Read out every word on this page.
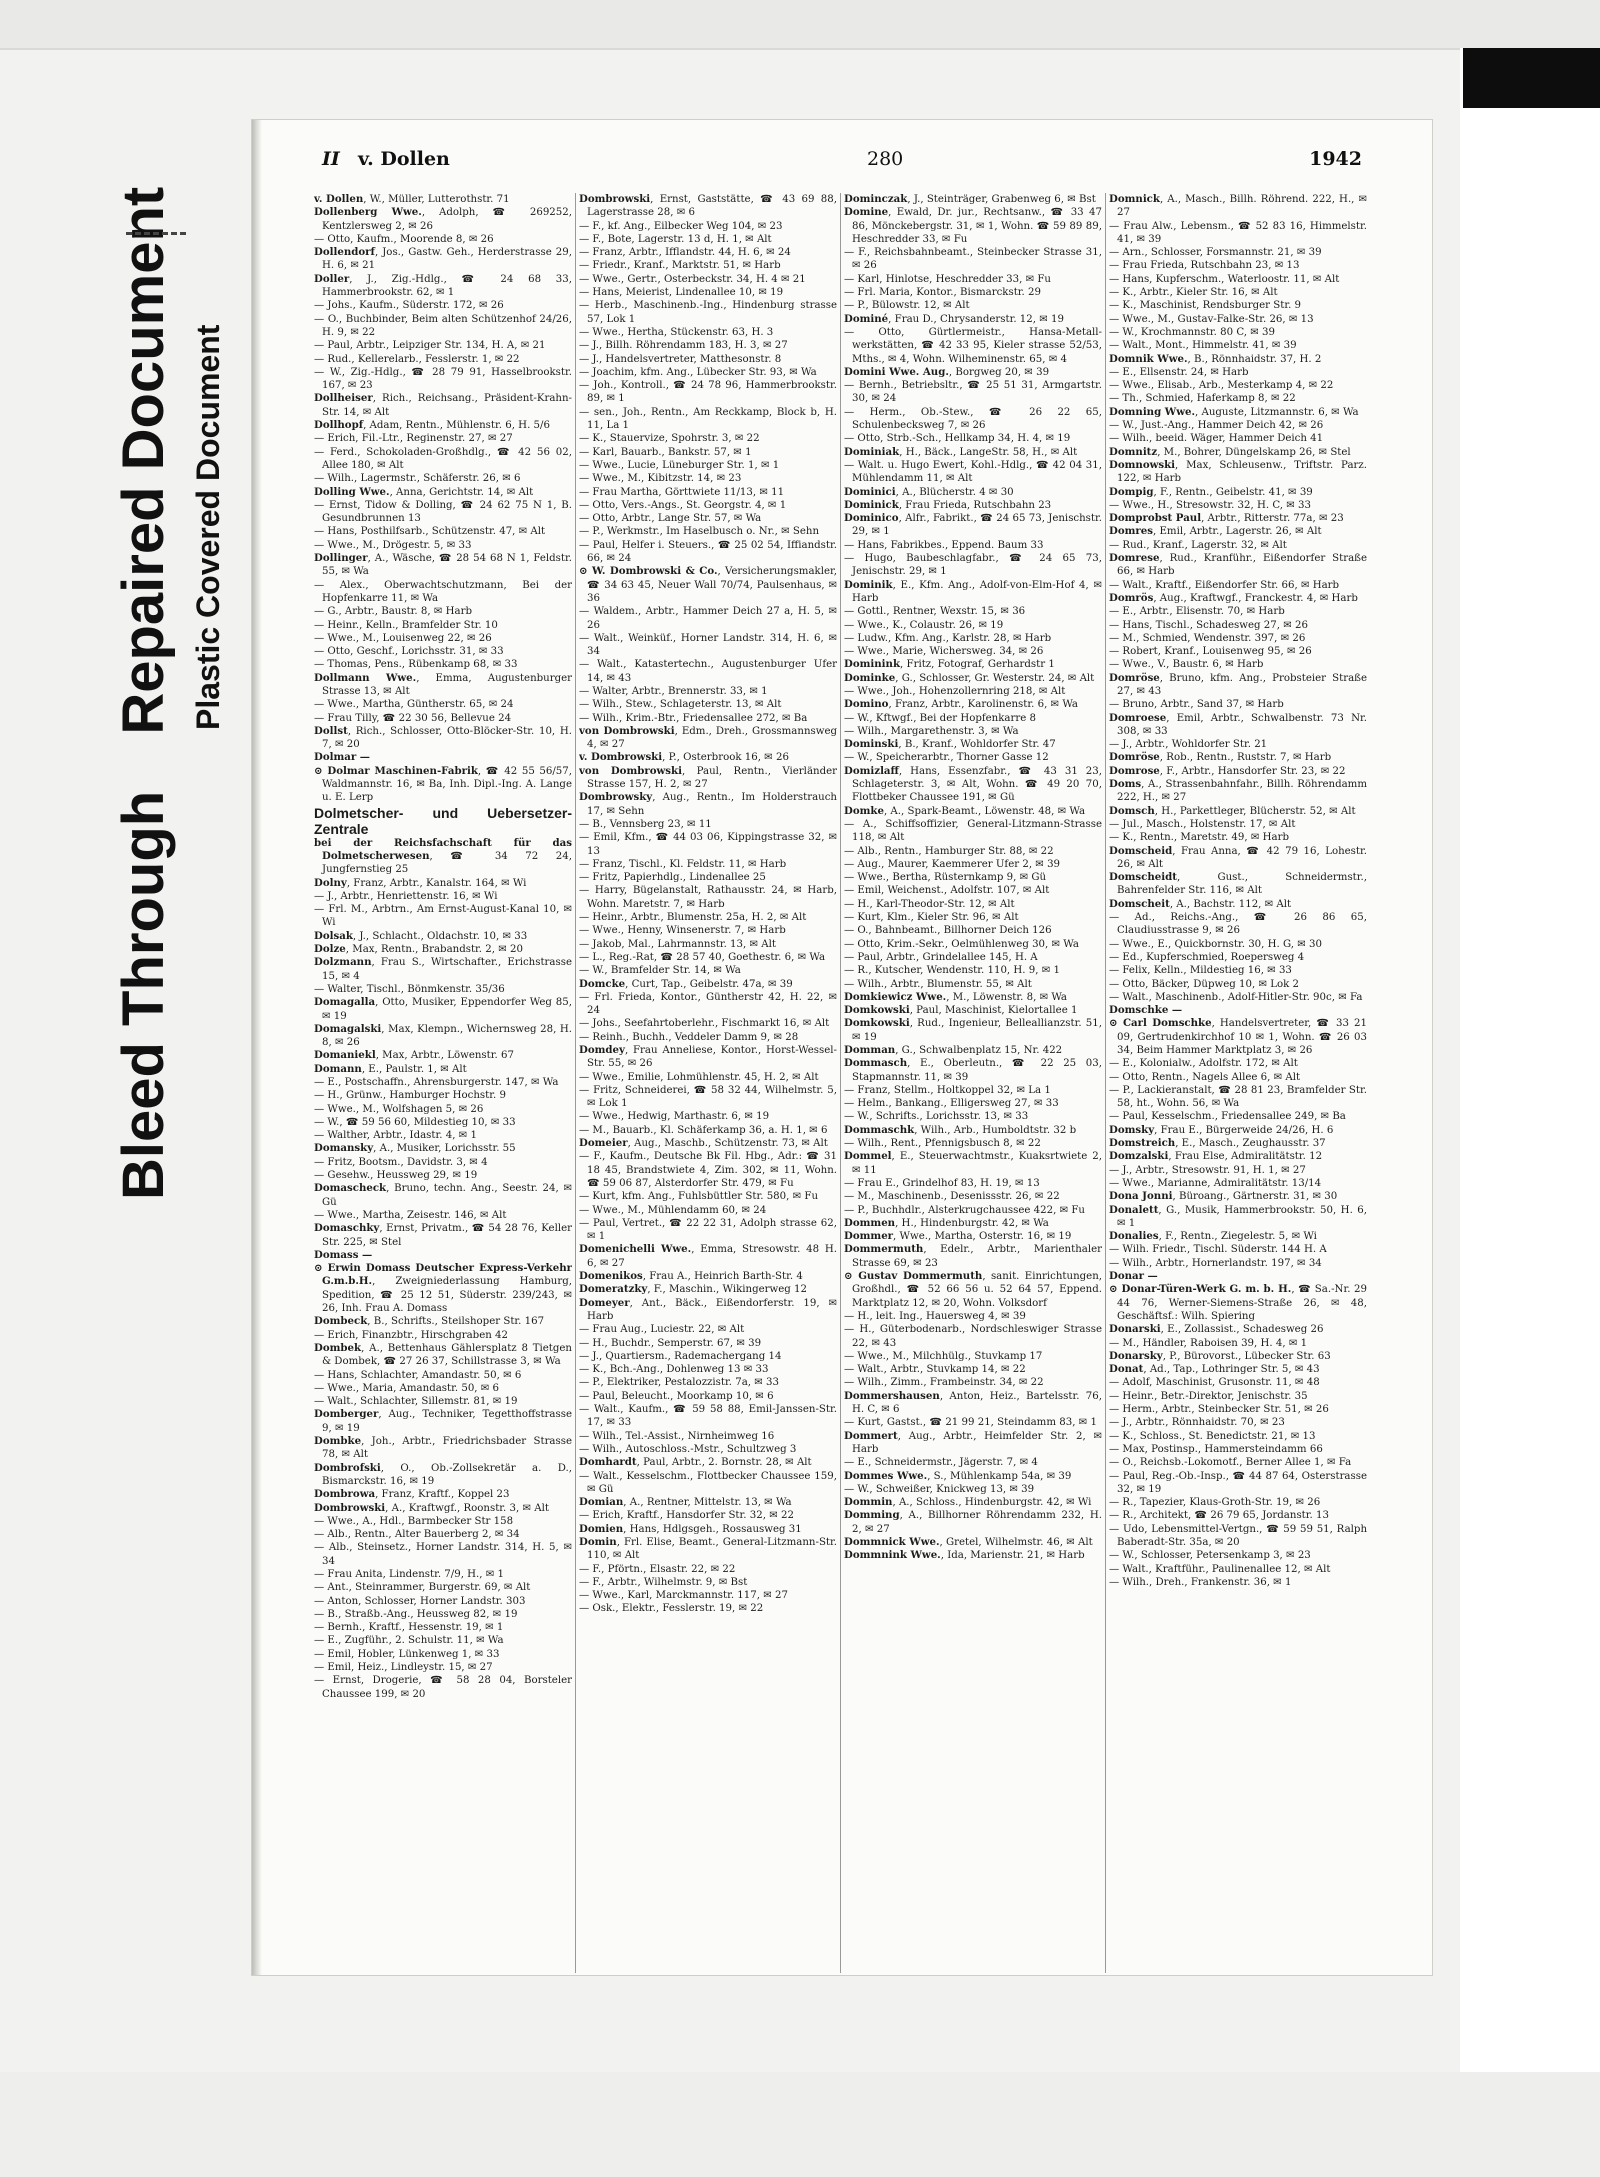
Bleed Through Repaired Document Plastic Covered Document
II v. Dollen	280	1942

v. Dollen, W., Müller, Lutterothstr. 71

Dollenberg Wwe., Adolph, ☎ 269252, Kentzlersweg 2, ✉ 26

— Otto, Kaufm., Moorende 8, ✉ 26

Dollendorf, Jos., Gastw. Geh., Herderstrasse 29, H. 6, ✉ 21

Doller, J., Zig.-Hdlg., ☎ 24 68 33, Hammerbrookstr. 62, ✉ 1

— Johs., Kaufm., Süderstr. 172, ✉ 26

— O., Buchbinder, Beim alten Schützenhof 24/26, H. 9, ✉ 22

— Paul, Arbtr., Leipziger Str. 134, H. A, ✉ 21

— Rud., Kellerelarb., Fesslerstr. 1, ✉ 22

— W., Zig.-Hdlg., ☎ 28 79 91, Hasselbrookstr. 167, ✉ 23

Dollheiser, Rich., Reichsang., Präsident-Krahn-Str. 14, ✉ Alt

Dollhopf, Adam, Rentn., Mühlenstr. 6, H. 5/6

— Erich, Fil.-Ltr., Reginenstr. 27, ✉ 27

— Ferd., Schokoladen-Großhdlg., ☎ 42 56 02, Allee 180, ✉ Alt

— Wilh., Lagermstr., Schäferstr. 26, ✉ 6

Dolling Wwe., Anna, Gerichtstr. 14, ✉ Alt

— Ernst, Tidow & Dolling, ☎ 24 62 75 N 1, B. Gesundbrunnen 13

— Hans, Posthilfsarb., Schützenstr. 47, ✉ Alt

— Wwe., M., Drögestr. 5, ✉ 33

Dollinger, A., Wäsche, ☎ 28 54 68 N 1, Feldstr. 55, ✉ Wa

— Alex., Oberwachtschutzmann, Bei der Hopfenkarre 11, ✉ Wa

— G., Arbtr., Baustr. 8, ✉ Harb

— Heinr., Kelln., Bramfelder Str. 10

— Wwe., M., Louisenweg 22, ✉ 26

— Otto, Geschf., Lorichsstr. 31, ✉ 33

— Thomas, Pens., Rübenkamp 68, ✉ 33

Dollmann Wwe., Emma, Augustenburger Strasse 13, ✉ Alt

— Wwe., Martha, Güntherstr. 65, ✉ 24

— Frau Tilly, ☎ 22 30 56, Bellevue 24

Dollst, Rich., Schlosser, Otto-Blöcker-Str. 10, H. 7, ✉ 20

Dolmar —

⊙ Dolmar Maschinen-Fabrik, ☎ 42 55 56/57, Waldmannstr. 16, ✉ Ba, Inh. Dipl.-Ing. A. Lange u. E. Lerp

Dolmetscher- und Uebersetzer-Zentrale

bei der Reichsfachschaft für das Dolmetscherwesen, ☎ 34 72 24, Jungfernstieg 25

Dolny, Franz, Arbtr., Kanalstr. 164, ✉ Wi

— J., Arbtr., Henriettenstr. 16, ✉ Wi

— Frl. M., Arbtrn., Am Ernst-August-Kanal 10, ✉ Wi

Dolsak, J., Schlacht., Oldachstr. 10, ✉ 33

Dolze, Max, Rentn., Brabandstr. 2, ✉ 20

Dolzmann, Frau S., Wirtschafter., Erichstrasse 15, ✉ 4

— Walter, Tischl., Bönmkenstr. 35/36

Domagalla, Otto, Musiker, Eppendorfer Weg 85, ✉ 19

Domagalski, Max, Klempn., Wichernsweg 28, H. 8, ✉ 26

Domaniekl, Max, Arbtr., Löwenstr. 67

Domann, E., Paulstr. 1, ✉ Alt

— E., Postschaffn., Ahrensburgerstr. 147, ✉ Wa

— H., Grünw., Hamburger Hochstr. 9

— Wwe., M., Wolfshagen 5, ✉ 26

— W., ☎ 59 56 60, Mildestieg 10, ✉ 33

— Walther, Arbtr., Idastr. 4, ✉ 1

Domansky, A., Musiker, Lorichsstr. 55

— Fritz, Bootsm., Davidstr. 3, ✉ 4

— Gesehw., Heussweg 29, ✉ 19

Domascheck, Bruno, techn. Ang., Seestr. 24, ✉ Gü

— Wwe., Martha, Zeisestr. 146, ✉ Alt

Domaschky, Ernst, Privatm., ☎ 54 28 76, Keller Str. 225, ✉ Stel

Domass —

⊙ Erwin Domass Deutscher Express-Verkehr G.m.b.H., Zweigniederlassung Hamburg, Spedition, ☎ 25 12 51, Süderstr. 239/243, ✉ 26, Inh. Frau A. Domass

Dombeck, B., Schrifts., Steilshoper Str. 167

— Erich, Finanzbtr., Hirschgraben 42

Dombek, A., Bettenhaus Gählersplatz 8 Tietgen & Dombek, ☎ 27 26 37, Schillstrasse 3, ✉ Wa

— Hans, Schlachter, Amandastr. 50, ✉ 6

— Wwe., Maria, Amandastr. 50, ✉ 6

— Walt., Schlachter, Sillemstr. 81, ✉ 19

Domberger, Aug., Techniker, Tegetthoffstrasse 9, ✉ 19

Dombke, Joh., Arbtr., Friedrichsbader Strasse 78, ✉ Alt

Dombrofski, O., Ob.-Zollsekretär a. D., Bismarckstr. 16, ✉ 19

Dombrowa, Franz, Kraftf., Koppel 23

Dombrowski, A., Kraftwgf., Roonstr. 3, ✉ Alt

— Wwe., A., Hdl., Barmbecker Str 158

— Alb., Rentn., Alter Bauerberg 2, ✉ 34

— Alb., Steinsetz., Horner Landstr. 314, H. 5, ✉ 34

— Frau Anita, Lindenstr. 7/9, H., ✉ 1

— Ant., Steinrammer, Burgerstr. 69, ✉ Alt

— Anton, Schlosser, Horner Landstr. 303

— B., Straßb.-Ang., Heussweg 82, ✉ 19

— Bernh., Kraftf., Hessenstr. 19, ✉ 1

— E., Zugführ., 2. Schulstr. 11, ✉ Wa

— Emil, Hobler, Lünkenweg 1, ✉ 33

— Emil, Heiz., Lindleystr. 15, ✉ 27

— Ernst, Drogerie, ☎ 58 28 04, Borsteler Chaussee 199, ✉ 20

Dombrowski, Ernst, Gaststätte, ☎ 43 69 88, Lagerstrasse 28, ✉ 6

— F., kf. Ang., Eilbecker Weg 104, ✉ 23

— F., Bote, Lagerstr. 13 d, H. 1, ✉ Alt

— Franz, Arbtr., Ifflandstr. 44, H. 6, ✉ 24

— Friedr., Kranf., Marktstr. 51, ✉ Harb

— Wwe., Gertr., Osterbeckstr. 34, H. 4 ✉ 21

— Hans, Meierist, Lindenallee 10, ✉ 19

— Herb., Maschinenb.-Ing., Hindenburg strasse 57, Lok 1

— Wwe., Hertha, Stückenstr. 63, H. 3

— J., Billh. Röhrendamm 183, H. 3, ✉ 27

— J., Handelsvertreter, Matthesonstr. 8

— Joachim, kfm. Ang., Lübecker Str. 93, ✉ Wa

— Joh., Kontroll., ☎ 24 78 96, Hammerbrookstr. 89, ✉ 1

— sen., Joh., Rentn., Am Reckkamp, Block b, H. 11, La 1

— K., Stauervize, Spohrstr. 3, ✉ 22

— Karl, Bauarb., Bankstr. 57, ✉ 1

— Wwe., Lucie, Lüneburger Str. 1, ✉ 1

— Wwe., M., Kibitzstr. 14, ✉ 23

— Frau Martha, Görttwiete 11/13, ✉ 11

— Otto, Vers.-Angs., St. Georgstr. 4, ✉ 1

— Otto, Arbtr., Lange Str. 57, ✉ Wa

— P., Werkmstr., Im Haselbusch o. Nr., ✉ Sehn

— Paul, Helfer i. Steuers., ☎ 25 02 54, Iffiandstr. 66, ✉ 24

⊙ W. Dombrowski & Co., Versicherungsmakler, ☎ 34 63 45, Neuer Wall 70/74, Paulsenhaus, ✉ 36

— Waldem., Arbtr., Hammer Deich 27 a, H. 5, ✉ 26

— Walt., Weinküf., Horner Landstr. 314, H. 6, ✉ 34

— Walt., Katastertechn., Augustenburger Ufer 14, ✉ 43

— Walter, Arbtr., Brennerstr. 33, ✉ 1

— Wilh., Stew., Schlageterstr. 13, ✉ Alt

— Wilh., Krim.-Btr., Friedensallee 272, ✉ Ba

von Dombrowski, Edm., Dreh., Grossmannsweg 4, ✉ 27

v. Dombrowski, P., Osterbrook 16, ✉ 26

von Dombrowski, Paul, Rentn., Vierländer Strasse 157, H. 2, ✉ 27

Dombrowsky, Aug., Rentn., Im Holderstrauch 17, ✉ Sehn

— B., Vennsberg 23, ✉ 11

— Emil, Kfm., ☎ 44 03 06, Kippingstrasse 32, ✉ 13

— Franz, Tischl., Kl. Feldstr. 11, ✉ Harb

— Fritz, Papierhdlg., Lindenallee 25

— Harry, Bügelanstalt, Rathausstr. 24, ✉ Harb, Wohn. Maretstr. 7, ✉ Harb

— Heinr., Arbtr., Blumenstr. 25a, H. 2, ✉ Alt

— Wwe., Henny, Winsenerstr. 7, ✉ Harb

— Jakob, Mal., Lahrmannstr. 13, ✉ Alt

— L., Reg.-Rat, ☎ 28 57 40, Goethestr. 6, ✉ Wa

— W., Bramfelder Str. 14, ✉ Wa

Domcke, Curt, Tap., Geibelstr. 47a, ✉ 39

— Frl. Frieda, Kontor., Güntherstr 42, H. 22, ✉ 24

— Johs., Seefahrtoberlehr., Fischmarkt 16, ✉ Alt

— Reinh., Buchh., Veddeler Damm 9, ✉ 28

Domdey, Frau Anneliese, Kontor., Horst-Wessel-Str. 55, ✉ 26

— Wwe., Emilie, Lohmühlenstr. 45, H. 2, ✉ Alt

— Fritz, Schneiderei, ☎ 58 32 44, Wilhelmstr. 5, ✉ Lok 1

— Wwe., Hedwig, Marthastr. 6, ✉ 19

— M., Bauarb., Kl. Schäferkamp 36, a. H. 1, ✉ 6

Domeier, Aug., Maschb., Schützenstr. 73, ✉ Alt

— F., Kaufm., Deutsche Bk Fil. Hbg., Adr.: ☎ 31 18 45, Brandstwiete 4, Zim. 302, ✉ 11, Wohn. ☎ 59 06 87, Alsterdorfer Str. 479, ✉ Fu

— Kurt, kfm. Ang., Fuhlsbüttler Str. 580, ✉ Fu

— Wwe., M., Mühlendamm 60, ✉ 24

— Paul, Vertret., ☎ 22 22 31, Adolph strasse 62, ✉ 1

Domenichelli Wwe., Emma, Stresowstr. 48 H. 6, ✉ 27

Domenikos, Frau A., Heinrich Barth-Str. 4

Domeratzky, F., Maschin., Wikingerweg 12

Domeyer, Ant., Bäck., Eißendorferstr. 19, ✉ Harb

— Frau Aug., Luciestr. 22, ✉ Alt

— H., Buchdr., Semperstr. 67, ✉ 39

— J., Quartiersm., Rademachergang 14

— K., Bch.-Ang., Dohlenweg 13 ✉ 33

— P., Elektriker, Pestalozzistr. 7a, ✉ 33

— Paul, Beleucht., Moorkamp 10, ✉ 6

— Walt., Kaufm., ☎ 59 58 88, Emil-Janssen-Str. 17, ✉ 33

— Wilh., Tel.-Assist., Nirnheimweg 16

— Wilh., Autoschloss.-Mstr., Schultzweg 3

Domhardt, Paul, Arbtr., 2. Bornstr. 28, ✉ Alt

— Walt., Kesselschm., Flottbecker Chaussee 159, ✉ Gü

Domian, A., Rentner, Mittelstr. 13, ✉ Wa

— Erich, Kraftf., Hansdorfer Str. 32, ✉ 22

Domien, Hans, Hdlgsgeh., Rossausweg 31

Domin, Frl. Elise, Beamt., General-Litzmann-Str. 110, ✉ Alt

— F., Pförtn., Elsastr. 22, ✉ 22

— F., Arbtr., Wilhelmstr. 9, ✉ Bst

— Wwe., Karl, Marckmannstr. 117, ✉ 27

— Osk., Elektr., Fesslerstr. 19, ✉ 22

Dominczak, J., Steinträger, Grabenweg 6, ✉ Bst

Domine, Ewald, Dr. jur., Rechtsanw., ☎ 33 47 86, Mönckebergstr. 31, ✉ 1, Wohn. ☎ 59 89 89, Heschredder 33, ✉ Fu

— F., Reichsbahnbeamt., Steinbecker Strasse 31, ✉ 26

— Karl, Hinlotse, Heschredder 33, ✉ Fu

— Frl. Maria, Kontor., Bismarckstr. 29

— P., Bülowstr. 12, ✉ Alt

Dominé, Frau D., Chrysanderstr. 12, ✉ 19

— Otto, Gürtlermeistr., Hansa-Metall-werkstätten, ☎ 42 33 95, Kieler strasse 52/53, Mths., ✉ 4, Wohn. Wilheminenstr. 65, ✉ 4

Domini Wwe. Aug., Borgweg 20, ✉ 39

— Bernh., Betriebsltr., ☎ 25 51 31, Armgartstr. 30, ✉ 24

— Herm., Ob.-Stew., ☎ 26 22 65, Schulenbecksweg 7, ✉ 26

— Otto, Strb.-Sch., Hellkamp 34, H. 4, ✉ 19

Dominiak, H., Bäck., LangeStr. 58, H., ✉ Alt

— Walt. u. Hugo Ewert, Kohl.-Hdlg., ☎ 42 04 31, Mühlendamm 11, ✉ Alt

Dominici, A., Blücherstr. 4 ✉ 30

Dominick, Frau Frieda, Rutschbahn 23

Dominico, Alfr., Fabrikt., ☎ 24 65 73, Jenischstr. 29, ✉ 1

— Hans, Fabrikbes., Eppend. Baum 33

— Hugo, Baubeschlagfabr., ☎ 24 65 73, Jenischstr. 29, ✉ 1

Dominik, E., Kfm. Ang., Adolf-von-Elm-Hof 4, ✉ Harb

— Gottl., Rentner, Wexstr. 15, ✉ 36

— Wwe., K., Colaustr. 26, ✉ 19

— Ludw., Kfm. Ang., Karlstr. 28, ✉ Harb

— Wwe., Marie, Wichersweg. 34, ✉ 26

Dominink, Fritz, Fotograf, Gerhardstr 1

Dominke, G., Schlosser, Gr. Westerstr. 24, ✉ Alt

— Wwe., Joh., Hohenzollernring 218, ✉ Alt

Domino, Franz, Arbtr., Karolinenstr. 6, ✉ Wa

— W., Kftwgf., Bei der Hopfenkarre 8

— Wilh., Margarethenstr. 3, ✉ Wa

Dominski, B., Kranf., Wohldorfer Str. 47

— W., Speicherarbtr., Thorner Gasse 12

Domizlaff, Hans, Essenzfabr., ☎ 43 31 23, Schlageterstr. 3, ✉ Alt, Wohn. ☎ 49 20 70, Flottbeker Chaussee 191, ✉ Gü

Domke, A., Spark-Beamt., Löwenstr. 48, ✉ Wa

— A., Schiffsoffizier, General-Litzmann-Strasse 118, ✉ Alt

— Alb., Rentn., Hamburger Str. 88, ✉ 22

— Aug., Maurer, Kaemmerer Ufer 2, ✉ 39

— Wwe., Bertha, Rüsternkamp 9, ✉ Gü

— Emil, Weichenst., Adolfstr. 107, ✉ Alt

— H., Karl-Theodor-Str. 12, ✉ Alt

— Kurt, Klm., Kieler Str. 96, ✉ Alt

— O., Bahnbeamt., Billhorner Deich 126

— Otto, Krim.-Sekr., Oelmühlenweg 30, ✉ Wa

— Paul, Arbtr., Grindelallee 145, H. A

— R., Kutscher, Wendenstr. 110, H. 9, ✉ 1

— Wilh., Arbtr., Blumenstr. 55, ✉ Alt

Domkiewicz Wwe., M., Löwenstr. 8, ✉ Wa

Domkowski, Paul, Maschinist, Kielortallee 1

Domkowski, Rud., Ingenieur, Belleallianzstr. 51, ✉ 19

Domman, G., Schwalbenplatz 15, Nr. 422

Dommasch, E., Oberleutn., ☎ 22 25 03, Stapmannstr. 11, ✉ 39

— Franz, Stellm., Holtkoppel 32, ✉ La 1

— Helm., Bankang., Elligersweg 27, ✉ 33

— W., Schrifts., Lorichsstr. 13, ✉ 33

Dommaschk, Wilh., Arb., Humboldtstr. 32 b

— Wilh., Rent., Pfennigsbusch 8, ✉ 22

Dommel, E., Steuerwachtmstr., Kuaksrtwiete 2, ✉ 11

— Frau E., Grindelhof 83, H. 19, ✉ 13

— M., Maschinenb., Desenissstr. 26, ✉ 22

— P., Buchhdlr., Alsterkrugchaussee 422, ✉ Fu

Dommen, H., Hindenburgstr. 42, ✉ Wa

Dommer, Wwe., Martha, Osterstr. 16, ✉ 19

Dommermuth, Edelr., Arbtr., Marienthaler Strasse 69, ✉ 23

⊙ Gustav Dommermuth, sanit. Einrichtungen, Großhdl., ☎ 52 66 56 u. 52 64 57, Eppend. Marktplatz 12, ✉ 20, Wohn. Volksdorf

— H., leit. Ing., Hauersweg 4, ✉ 39

— H., Güterbodenarb., Nordschleswiger Strasse 22, ✉ 43

— Wwe., M., Milchhülg., Stuvkamp 17

— Walt., Arbtr., Stuvkamp 14, ✉ 22

— Wilh., Zimm., Frambeinstr. 34, ✉ 22

Dommershausen, Anton, Heiz., Bartelsstr. 76, H. C, ✉ 6

— Kurt, Gastst., ☎ 21 99 21, Steindamm 83, ✉ 1

Dommert, Aug., Arbtr., Heimfelder Str. 2, ✉ Harb

— E., Schneidermstr., Jägerstr. 7, ✉ 4

Dommes Wwe., S., Mühlenkamp 54a, ✉ 39

— W., Schweißer, Knickweg 13, ✉ 39

Dommin, A., Schloss., Hindenburgstr. 42, ✉ Wi

Domming, A., Billhorner Röhrendamm 232, H. 2, ✉ 27

Dommnick Wwe., Gretel, Wilhelmstr. 46, ✉ Alt

Dommnink Wwe., Ida, Marienstr. 21, ✉ Harb

Domnick, A., Masch., Billh. Röhrend. 222, H., ✉ 27

— Frau Alw., Lebensm., ☎ 52 83 16, Himmelstr. 41, ✉ 39

— Arn., Schlosser, Forsmannstr. 21, ✉ 39

— Frau Frieda, Rutschbahn 23, ✉ 13

— Hans, Kupferschm., Waterloostr. 11, ✉ Alt

— K., Arbtr., Kieler Str. 16, ✉ Alt

— K., Maschinist, Rendsburger Str. 9

— Wwe., M., Gustav-Falke-Str. 26, ✉ 13

— W., Krochmannstr. 80 C, ✉ 39

— Walt., Mont., Himmelstr. 41, ✉ 39

Domnik Wwe., B., Rönnhaidstr. 37, H. 2

— E., Ellsenstr. 24, ✉ Harb

— Wwe., Elisab., Arb., Mesterkamp 4, ✉ 22

— Th., Schmied, Haferkamp 8, ✉ 22

Domning Wwe., Auguste, Litzmannstr. 6, ✉ Wa

— W., Just.-Ang., Hammer Deich 42, ✉ 26

— Wilh., beeid. Wäger, Hammer Deich 41

Domnitz, M., Bohrer, Düngelskamp 26, ✉ Stel

Domnowski, Max, Schleusenw., Triftstr. Parz. 122, ✉ Harb

Dompig, F., Rentn., Geibelstr. 41, ✉ 39

— Wwe., H., Stresowstr. 32, H. C, ✉ 33

Domprobst Paul, Arbtr., Ritterstr. 77a, ✉ 23

Domres, Emil, Arbtr., Lagerstr. 26, ✉ Alt

— Rud., Kranf., Lagerstr. 32, ✉ Alt

Domrese, Rud., Kranführ., Eißendorfer Straße 66, ✉ Harb

— Walt., Kraftf., Eißendorfer Str. 66, ✉ Harb

Domrös, Aug., Kraftwgf., Franckestr. 4, ✉ Harb

— E., Arbtr., Elisenstr. 70, ✉ Harb

— Hans, Tischl., Schadesweg 27, ✉ 26

— M., Schmied, Wendenstr. 397, ✉ 26

— Robert, Kranf., Louisenweg 95, ✉ 26

— Wwe., V., Baustr. 6, ✉ Harb

Domröse, Bruno, kfm. Ang., Probsteier Straße 27, ✉ 43

— Bruno, Arbtr., Sand 37, ✉ Harb

Domroese, Emil, Arbtr., Schwalbenstr. 73 Nr. 308, ✉ 33

— J., Arbtr., Wohldorfer Str. 21

Domröse, Rob., Rentn., Ruststr. 7, ✉ Harb

Domrose, F., Arbtr., Hansdorfer Str. 23, ✉ 22

Doms, A., Strassenbahnfahr., Billh. Röhrendamm 222, H., ✉ 27

Domsch, H., Parkettleger, Blücherstr. 52, ✉ Alt

— Jul., Masch., Holstenstr. 17, ✉ Alt

— K., Rentn., Maretstr. 49, ✉ Harb

Domscheid, Frau Anna, ☎ 42 79 16, Lohestr. 26, ✉ Alt

Domscheidt, Gust., Schneidermstr., Bahrenfelder Str. 116, ✉ Alt

Domscheit, A., Bachstr. 112, ✉ Alt

— Ad., Reichs.-Ang., ☎ 26 86 65, Claudiusstrasse 9, ✉ 26

— Wwe., E., Quickbornstr. 30, H. G, ✉ 30

— Ed., Kupferschmied, Roepersweg 4

— Felix, Kelln., Mildestieg 16, ✉ 33

— Otto, Bäcker, Düpweg 10, ✉ Lok 2

— Walt., Maschinenb., Adolf-Hitler-Str. 90c, ✉ Fa

Domschke —

⊙ Carl Domschke, Handelsvertreter, ☎ 33 21 09, Gertrudenkirchhof 10 ✉ 1, Wohn. ☎ 26 03 34, Beim Hammer Marktplatz 3, ✉ 26

— E., Kolonialw., Adolfstr. 172, ✉ Alt

— Otto, Rentn., Nagels Allee 6, ✉ Alt

— P., Lackieranstalt, ☎ 28 81 23, Bramfelder Str. 58, ht., Wohn. 56, ✉ Wa

— Paul, Kesselschm., Friedensallee 249, ✉ Ba

Domsky, Frau E., Bürgerweide 24/26, H. 6

Domstreich, E., Masch., Zeughausstr. 37

Domzalski, Frau Else, Admiralitätstr. 12

— J., Arbtr., Stresowstr. 91, H. 1, ✉ 27

— Wwe., Marianne, Admiralitätstr. 13/14

Dona Jonni, Büroang., Gärtnerstr. 31, ✉ 30

Donalett, G., Musik, Hammerbrookstr. 50, H. 6, ✉ 1

Donalies, F., Rentn., Ziegelestr. 5, ✉ Wi

— Wilh. Friedr., Tischl. Süderstr. 144 H. A

— Wilh., Arbtr., Hornerlandstr. 197, ✉ 34

Donar —

⊙ Donar-Türen-Werk G. m. b. H., ☎ Sa.-Nr. 29 44 76, Werner-Siemens-Straße 26, ✉ 48, Geschäftsf.: Wilh. Spiering

Donarski, E., Zollassist., Schadesweg 26

— M., Händler, Raboisen 39, H. 4, ✉ 1

Donarsky, P., Bürovorst., Lübecker Str. 63

Donat, Ad., Tap., Lothringer Str. 5, ✉ 43

— Adolf, Maschinist, Grusonstr. 11, ✉ 48

— Heinr., Betr.-Direktor, Jenischstr. 35

— Herm., Arbtr., Steinbecker Str. 51, ✉ 26

— J., Arbtr., Rönnhaidstr. 70, ✉ 23

— K., Schloss., St. Benedictstr. 21, ✉ 13

— Max, Postinsp., Hammersteindamm 66

— O., Reichsb.-Lokomotf., Berner Allee 1, ✉ Fa

— Paul, Reg.-Ob.-Insp., ☎ 44 87 64, Osterstrasse 32, ✉ 19

— R., Tapezier, Klaus-Groth-Str. 19, ✉ 26

— R., Architekt, ☎ 26 79 65, Jordanstr. 13

— Udo, Lebensmittel-Vertgn., ☎ 59 59 51, Ralph Baberadt-Str. 35a, ✉ 20

— W., Schlosser, Petersenkamp 3, ✉ 23

— Walt., Kraftführ., Paulinenallee 12, ✉ Alt

— Wilh., Dreh., Frankenstr. 36, ✉ 1
